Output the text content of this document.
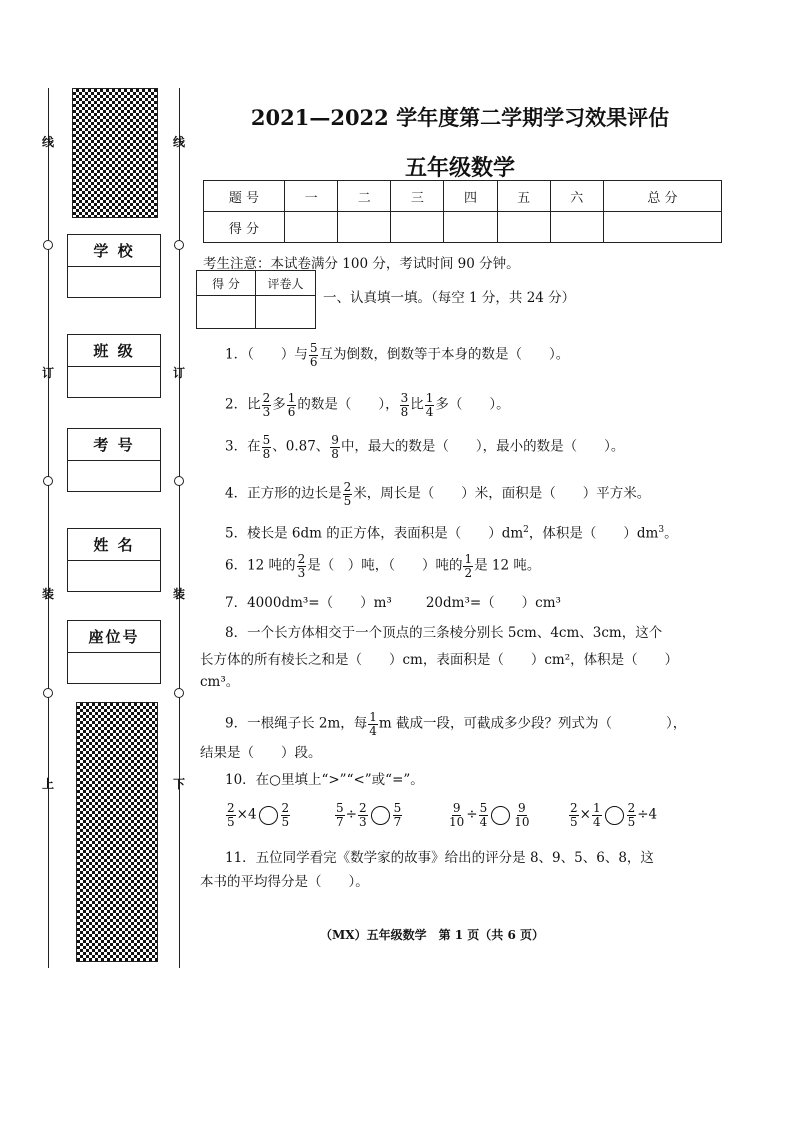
线
订
装
上
线
订
装
下
学 校
班 级
考 号
姓 名
座位号
2021—2022 学年度第二学期学习效果评估
五年级数学
题 号	一	二	三	四	五	六	总 分
得 分							
考生注意：本试卷满分 100 分，考试时间 90 分钟。
得 分	评卷人

一、认真填一填。（每空 1 分，共 24 分）
1．（　　）与 $\frac{5}{6}$ 互为倒数，倒数等于本身的数是（　　）。
2．比 $\frac{2}{3}$ 多 $\frac{1}{6}$ 的数是（　　）， $\frac{3}{8}$ 比 $\frac{1}{4}$ 多（　　）。
3．在 $\frac{5}{8}$ 、0.87、 $\frac{9}{8}$ 中，最大的数是（　　），最小的数是（　　）。
4．正方形的边长是 $\frac{2}{5}$ 米，周长是（　　）米，面积是（　　）平方米。
5．棱长是 6dm 的正方体，表面积是（　　）$dm^2$，体积是（　　）$dm^3$。
6．12 吨的 $\frac{2}{3}$ 是（　）吨，（　　）吨的 $\frac{1}{2}$ 是 12 吨。
7．4000dm³=（　　）m³	20dm³=（　　）cm³
8．一个长方体相交于一个顶点的三条棱分别长 5cm、4cm、3cm，这个
长方体的所有棱长之和是（　　）cm，表面积是（　　）cm²，体积是（　　）
cm³。
9．一根绳子长 2m，每 $\frac{1}{4}$ m 截成一段，可截成多少段？列式为（　　　　），
结果是（　　）段。
10．在○里填上“>”“<”或“=”。
$\frac{2}{5} \times 4 \frac{2}{5}$	$\frac{5}{7} \div \frac{2}{3} \frac{5}{7}$	$\frac{9}{10} \div \frac{5}{4} \frac{9}{10}$	$\frac{2}{5} \times \frac{1}{4} \frac{2}{5} \div 4$
11．五位同学看完《数学家的故事》给出的评分是 8、9、5、6、8，这
本书的平均得分是（　　）。
（MX）五年级数学　第 1 页（共 6 页）
